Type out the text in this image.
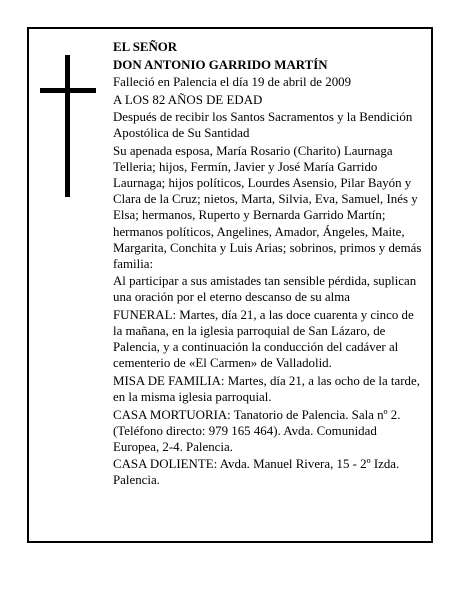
EL SEÑOR

DON ANTONIO GARRIDO MARTÍN

Falleció en Palencia el día 19 de abril de 2009

A LOS 82 AÑOS DE EDAD

Después de recibir los Santos Sacramentos y la Bendición Apostólica de Su Santidad

Su apenada esposa, María Rosario (Charito) Laurnaga Telleria; hijos, Fermín, Javier y José María Garrido Laurnaga; hijos políticos, Lourdes Asensio, Pilar Bayón y Clara de la Cruz; nietos, Marta, Silvia, Eva, Samuel, Inés y Elsa; hermanos, Ruperto y Bernarda Garrido Martín; hermanos políticos, Angelines, Amador, Ángeles, Maite, Margarita, Conchita y Luis Arias; sobrinos, primos y demás familia:

Al participar a sus amistades tan sensible pérdida, suplican una oración por el eterno descanso de su alma

FUNERAL: Martes, día 21, a las doce cuarenta y cinco de la mañana, en la iglesia parroquial de San Lázaro, de Palencia, y a continuación la conducción del cadáver al cementerio de «El Carmen» de Valladolid.

MISA DE FAMILIA: Martes, día 21, a las ocho de la tarde, en la misma iglesia parroquial.

CASA MORTUORIA: Tanatorio de Palencia. Sala nº 2. (Teléfono directo: 979 165 464). Avda. Comunidad Europea, 2-4. Palencia.

CASA DOLIENTE: Avda. Manuel Rivera, 15 - 2º Izda. Palencia.
